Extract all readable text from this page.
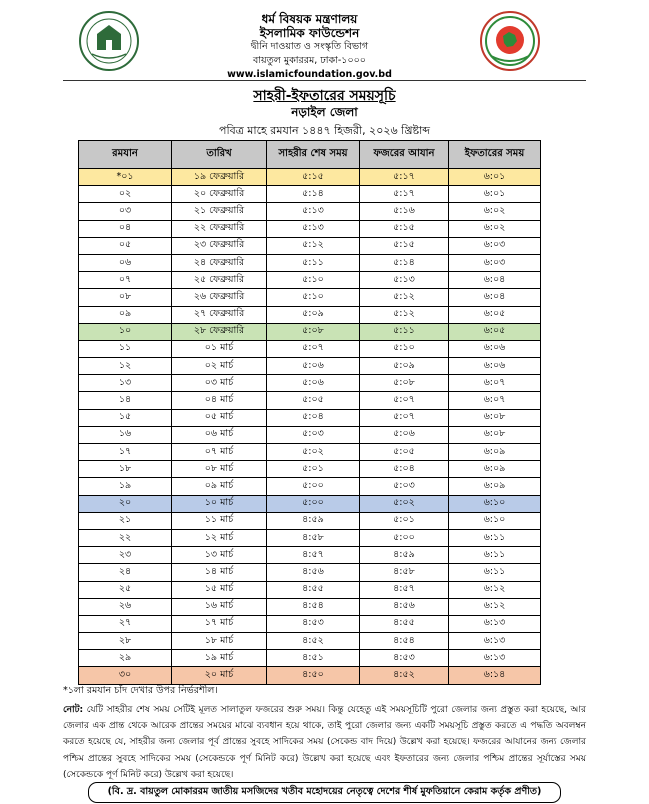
ধর্ম বিষয়ক মন্ত্রণালয়
ইসলামিক ফাউন্ডেশন
দ্বীনি দাওয়াত ও সংস্কৃতি বিভাগ
বায়তুল মুকাররম, ঢাকা-১০০০
www.islamicfoundation.gov.bd
সাহরী-ইফতারের সময়সূচি
নড়াইল জেলা
পবিত্র মাহে রমযান ১৪৪৭ হিজরী, ২০২৬ খ্রিষ্টাব্দ
রমযান	তারিখ	সাহরীর শেষ সময়	ফজরের আযান	ইফতারের সময়
*০১	১৯ ফেব্রুয়ারি	৫:১৫	৫:১৭	৬:০১
০২	২০ ফেব্রুয়ারি	৫:১৪	৫:১৭	৬:০১
০৩	২১ ফেব্রুয়ারি	৫:১৩	৫:১৬	৬:০২
০৪	২২ ফেব্রুয়ারি	৫:১৩	৫:১৫	৬:০২
০৫	২৩ ফেব্রুয়ারি	৫:১২	৫:১৫	৬:০৩
০৬	২৪ ফেব্রুয়ারি	৫:১১	৫:১৪	৬:০৩
০৭	২৫ ফেব্রুয়ারি	৫:১০	৫:১৩	৬:০৪
০৮	২৬ ফেব্রুয়ারি	৫:১০	৫:১২	৬:০৪
০৯	২৭ ফেব্রুয়ারি	৫:০৯	৫:১২	৬:০৫
১০	২৮ ফেব্রুয়ারি	৫:০৮	৫:১১	৬:০৫
১১	০১ মার্চ	৫:০৭	৫:১০	৬:০৬
১২	০২ মার্চ	৫:০৬	৫:০৯	৬:০৬
১৩	০৩ মার্চ	৫:০৬	৫:০৮	৬:০৭
১৪	০৪ মার্চ	৫:০৫	৫:০৭	৬:০৭
১৫	০৫ মার্চ	৫:০৪	৫:০৭	৬:০৮
১৬	০৬ মার্চ	৫:০৩	৫:০৬	৬:০৮
১৭	০৭ মার্চ	৫:০২	৫:০৫	৬:০৯
১৮	০৮ মার্চ	৫:০১	৫:০৪	৬:০৯
১৯	০৯ মার্চ	৫:০০	৫:০৩	৬:০৯
২০	১০ মার্চ	৫:০০	৫:০২	৬:১০
২১	১১ মার্চ	৪:৫৯	৫:০১	৬:১০
২২	১২ মার্চ	৪:৫৮	৫:০০	৬:১১
২৩	১৩ মার্চ	৪:৫৭	৪:৫৯	৬:১১
২৪	১৪ মার্চ	৪:৫৬	৪:৫৮	৬:১১
২৫	১৫ মার্চ	৪:৫৫	৪:৫৭	৬:১২
২৬	১৬ মার্চ	৪:৫৪	৪:৫৬	৬:১২
২৭	১৭ মার্চ	৪:৫৩	৪:৫৫	৬:১৩
২৮	১৮ মার্চ	৪:৫২	৪:৫৪	৬:১৩
২৯	১৯ মার্চ	৪:৫১	৪:৫৩	৬:১৩
৩০	২০ মার্চ	৪:৫০	৪:৫২	৬:১৪
*১লা রমযান চাঁদ দেখার উপর নির্ভরশীল।
নোট: যেটি সাহরীর শেষ সময় সেটিই মূলত সালাতুল ফজরের শুরু সময়। কিন্তু যেহেতু এই সময়সূচিটি পুরো জেলার জন্য প্রস্তুত করা হয়েছে, আর জেলার এক প্রান্ত থেকে আরেক প্রান্তের সময়ের মাঝে ব্যবধান হয়ে থাকে, তাই পুরো জেলার জন্য একটি সময়সূচি প্রস্তুত করতে এ পদ্ধতি অবলম্বন করতে হয়েছে যে, সাহরীর জন্য জেলার পূর্ব প্রান্তের সুবহে সাদিকের সময় (সেকেন্ড বাদ দিয়ে) উল্লেখ করা হয়েছে। ফজরের আযানের জন্য জেলার পশ্চিম প্রান্তের সুবহে সাদিকের সময় (সেকেন্ডকে পূর্ণ মিনিট করে) উল্লেখ করা হয়েছে এবং ইফতারের জন্য জেলার পশ্চিম প্রান্তের সূর্যাস্তের সময় (সেকেন্ডকে পূর্ণ মিনিট করে) উল্লেখ করা হয়েছে।
(বি. দ্র. বায়তুল মোকাররম জাতীয় মসজিদের খতীব মহোদয়ের নেতৃত্বে দেশের শীর্ষ মুফতিয়ানে কেরাম কর্তৃক প্রণীত)
